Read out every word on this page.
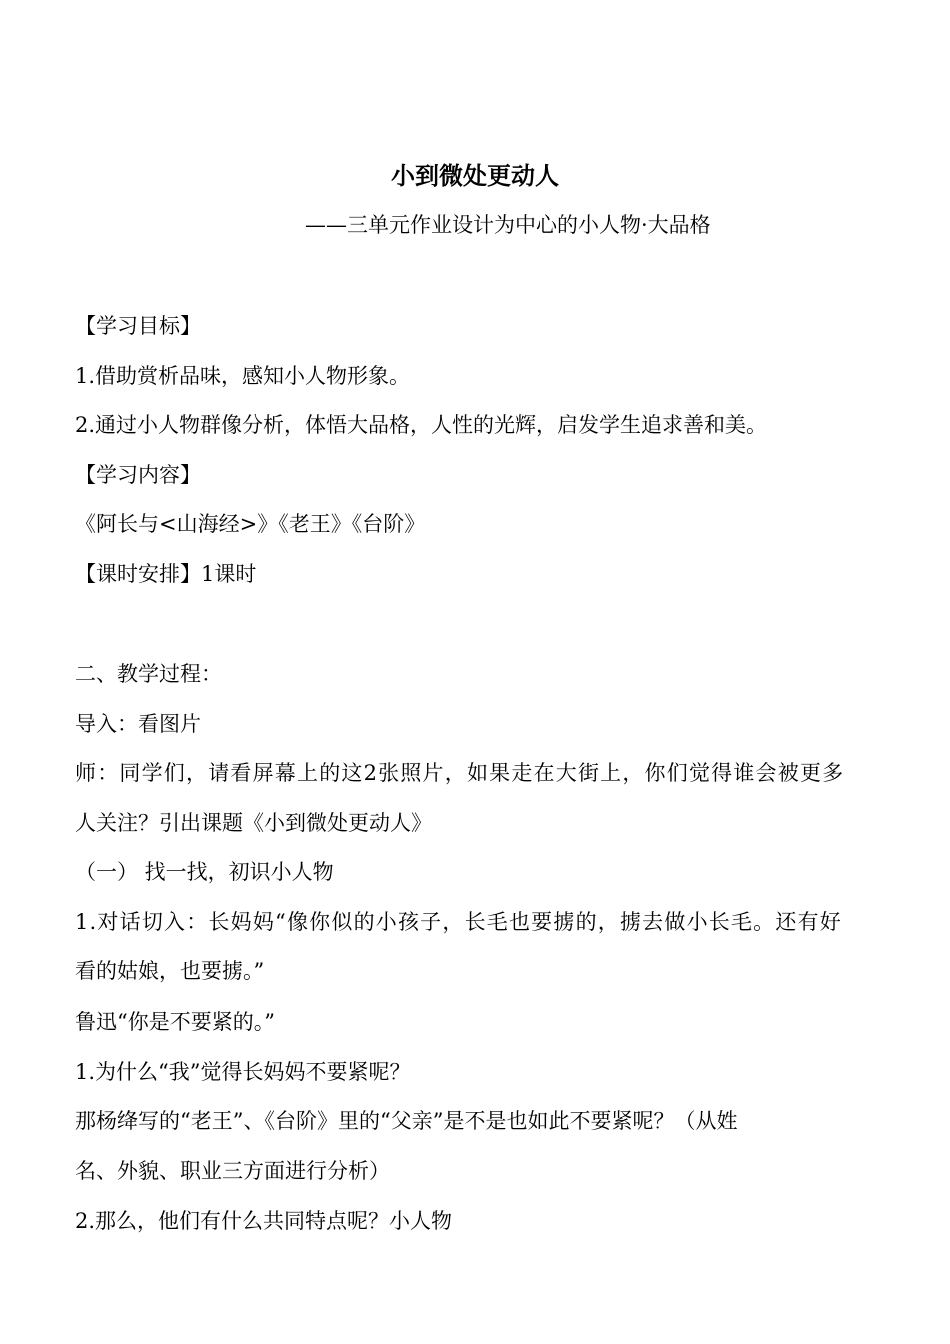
小到微处更动人
——三单元作业设计为中心的小人物·大品格
【学习目标】
1.借助赏析品味，感知小人物形象。
2.通过小人物群像分析，体悟大品格，人性的光辉，启发学生追求善和美。
【学习内容】
《阿长与<山海经>》《老王》《台阶》
【课时安排】1课时
二、教学过程：
导入：看图片
师：同学们，请看屏幕上的这2张照片，如果走在大街上，你们觉得谁会被更多
人关注？引出课题《小到微处更动人》
（一） 找一找，初识小人物
1.对话切入：长妈妈“像你似的小孩子，长毛也要掳的，掳去做小长毛。还有好
看的姑娘，也要掳。”
鲁迅“你是不要紧的。”
1.为什么“我”觉得长妈妈不要紧呢？
那杨绛写的“老王”、《台阶》里的“父亲”是不是也如此不要紧呢？（从姓
名、外貌、职业三方面进行分析）
2.那么，他们有什么共同特点呢？小人物
